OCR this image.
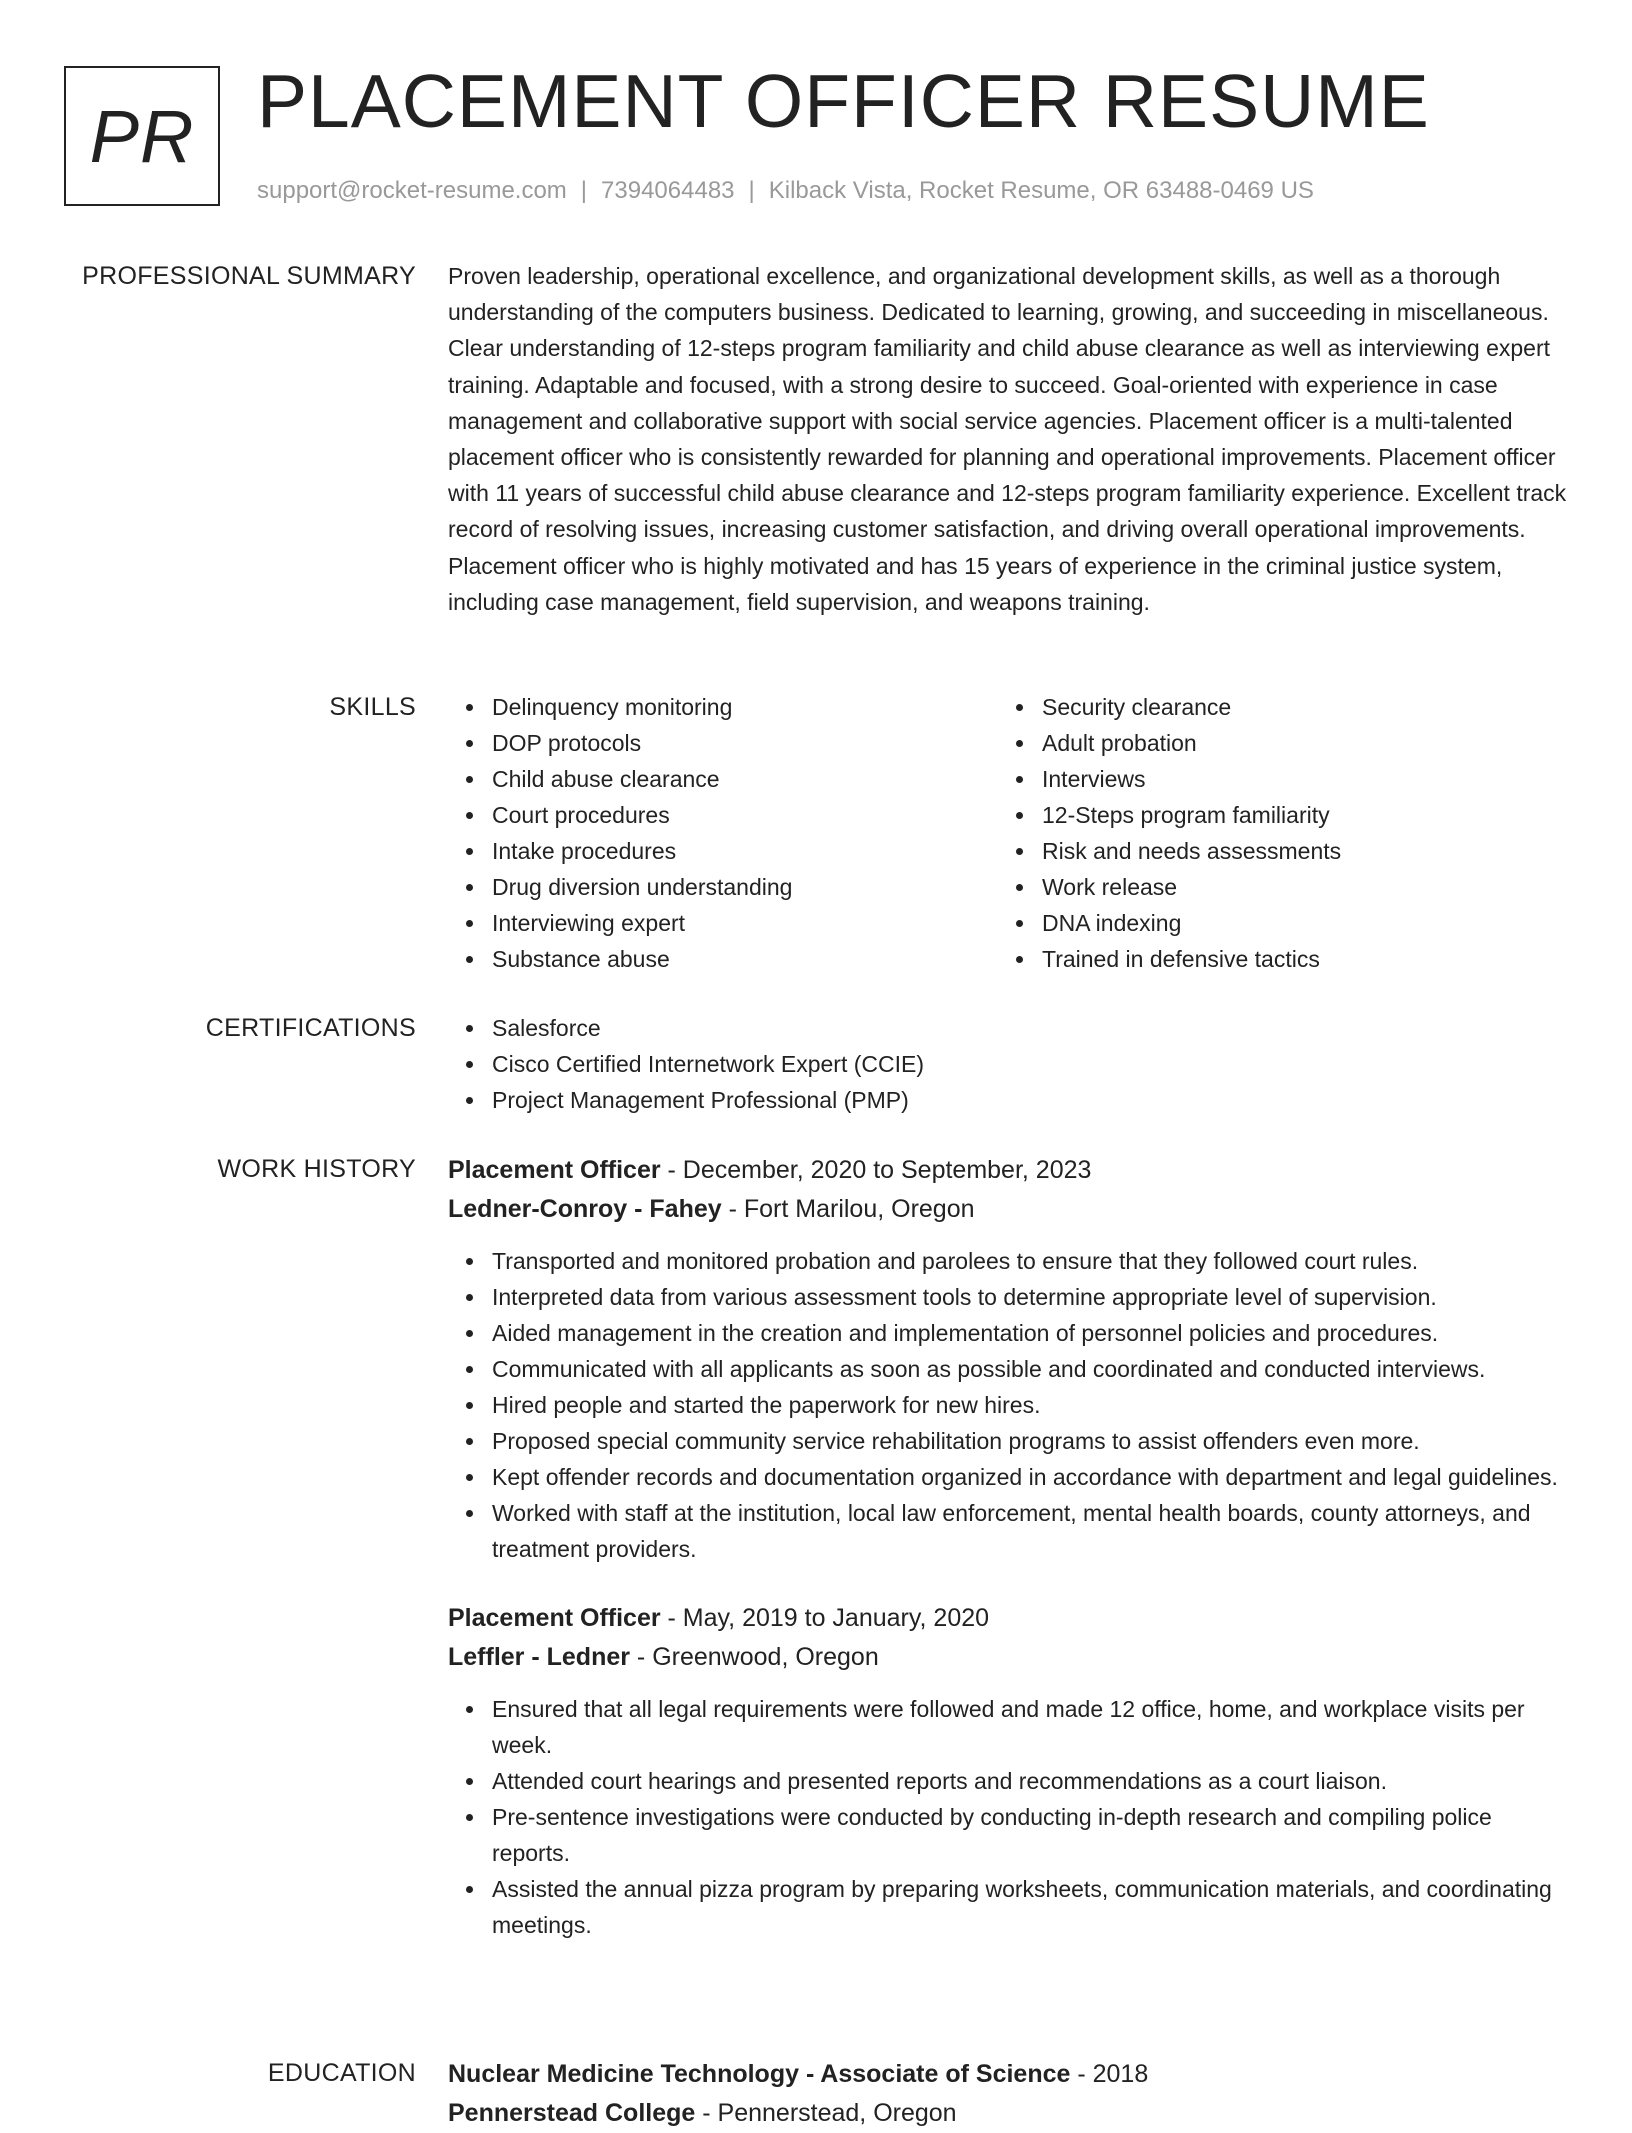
PR PLACEMENT OFFICER RESUME
support@rocket-resume.com | 7394064483 | Kilback Vista, Rocket Resume, OR 63488-0469 US
PROFESSIONAL SUMMARY Proven leadership, operational excellence, and organizational development skills, as well as a thorough understanding of the computers business. Dedicated to learning, growing, and succeeding in miscellaneous. Clear understanding of 12-steps program familiarity and child abuse clearance as well as interviewing expert training. Adaptable and focused, with a strong desire to succeed. Goal-oriented with experience in case management and collaborative support with social service agencies. Placement officer is a multi-talented placement officer who is consistently rewarded for planning and operational improvements. Placement officer with 11 years of successful child abuse clearance and 12-steps program familiarity experience. Excellent track record of resolving issues, increasing customer satisfaction, and driving overall operational improvements. Placement officer who is highly motivated and has 15 years of experience in the criminal justice system, including case management, field supervision, and weapons training.

SKILLS	Delinquency monitoring
DOP protocols
Child abuse clearance
Court procedures
Intake procedures
Drug diversion understanding
Interviewing expert
Substance abuse
Security clearance
Adult probation
Interviews
12-Steps program familiarity
Risk and needs assessments
Work release
DNA indexing
Trained in defensive tactics
CERTIFICATIONS	Salesforce
Cisco Certified Internetwork Expert (CCIE)
Project Management Professional (PMP)
WORK HISTORY Placement Officer - December, 2020 to September, 2023
Ledner-Conroy - Fahey - Fort Marilou, Oregon
Transported and monitored probation and parolees to ensure that they followed court rules.
Interpreted data from various assessment tools to determine appropriate level of supervision.
Aided management in the creation and implementation of personnel policies and procedures.
Communicated with all applicants as soon as possible and coordinated and conducted interviews.
Hired people and started the paperwork for new hires.
Proposed special community service rehabilitation programs to assist offenders even more.
Kept offender records and documentation organized in accordance with department and legal guidelines.
Worked with staff at the institution, local law enforcement, mental health boards, county attorneys, and treatment providers.
Placement Officer - May, 2019 to January, 2020
Leffler - Ledner - Greenwood, Oregon
Ensured that all legal requirements were followed and made 12 office, home, and workplace visits per week.
Attended court hearings and presented reports and recommendations as a court liaison.
Pre-sentence investigations were conducted by conducting in-depth research and compiling police reports.
Assisted the annual pizza program by preparing worksheets, communication materials, and coordinating meetings.
EDUCATION Nuclear Medicine Technology - Associate of Science - 2018
Pennerstead College - Pennerstead, Oregon
